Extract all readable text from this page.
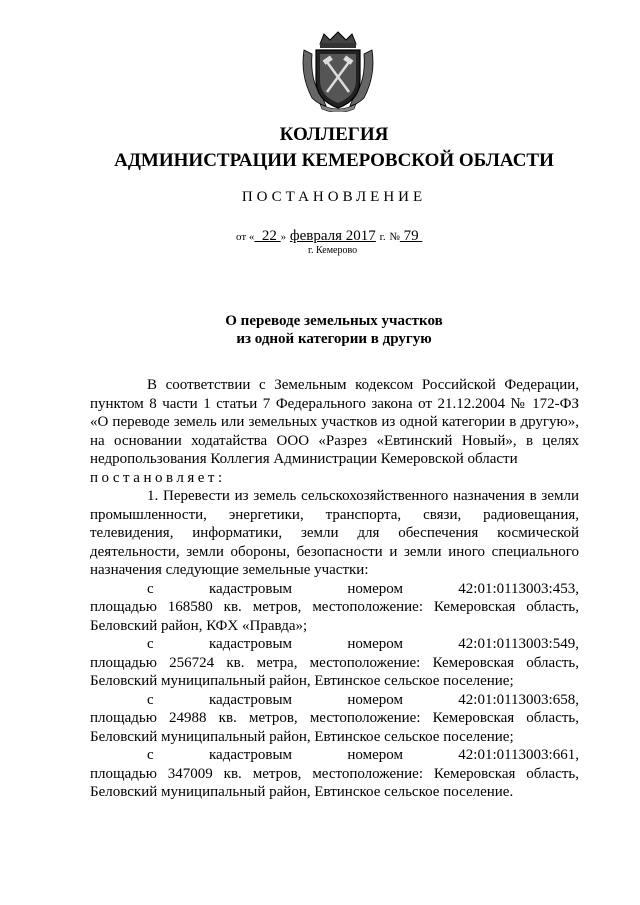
КОЛЛЕГИЯ
АДМИНИСТРАЦИИ КЕМЕРОВСКОЙ ОБЛАСТИ
ПОСТАНОВЛЕНИЕ
от « 22 » февраля 2017 г. № 79
г. Кемерово
О переводе земельных участков
из одной категории в другую

В соответствии с Земельным кодексом Российской Федерации, пунктом 8 части 1 статьи 7 Федерального закона от 21.12.2004 № 172-ФЗ «О переводе земель или земельных участков из одной категории в другую», на основании ходатайства ООО «Разрез «Евтинский Новый», в целях недропользования Коллегия Администрации Кемеровской области

постановляет:

1. Перевести из земель сельскохозяйственного назначения в земли промышленности, энергетики, транспорта, связи, радиовещания, телевидения, информатики, земли для обеспечения космической деятельности, земли обороны, безопасности и земли иного специального назначения следующие земельные участки:

с	кадастровым	номером	42:01:0113003:453,

площадью 168580 кв. метров, местоположение: Кемеровская область, Беловский район, КФХ «Правда»;

с	кадастровым	номером	42:01:0113003:549,

площадью 256724 кв. метра, местоположение: Кемеровская область, Беловский муниципальный район, Евтинское сельское поселение;

с	кадастровым	номером	42:01:0113003:658,

площадью 24988 кв. метров, местоположение: Кемеровская область, Беловский муниципальный район, Евтинское сельское поселение;

с	кадастровым	номером	42:01:0113003:661,

площадью 347009 кв. метров, местоположение: Кемеровская область, Беловский муниципальный район, Евтинское сельское поселение.
